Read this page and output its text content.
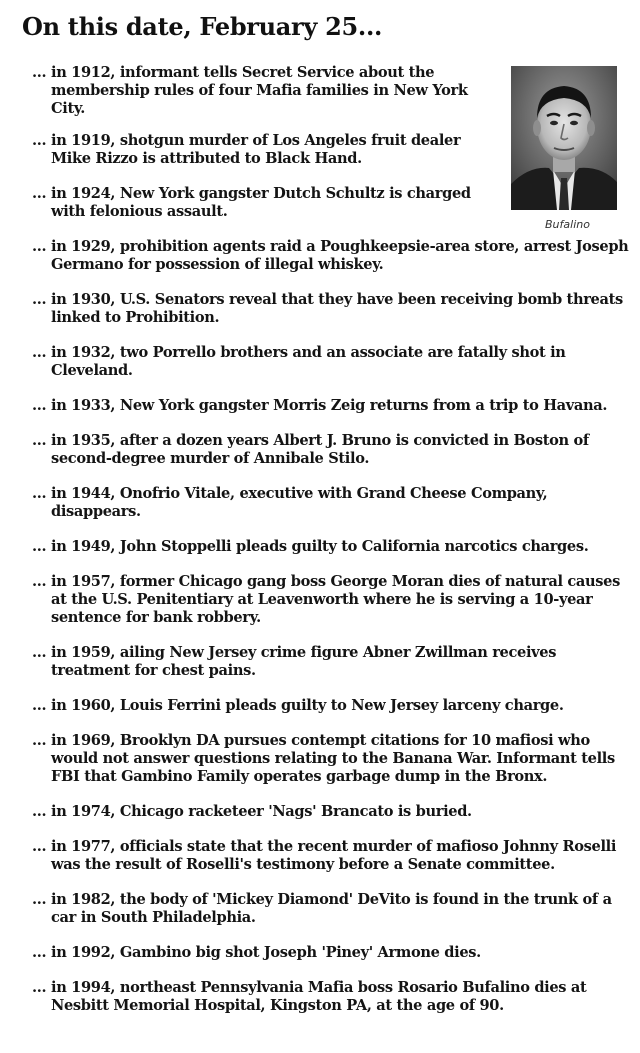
On this date, February 25...
Bufalino

... in 1912, informant tells Secret Service about the membership rules of four Mafia families in New York City.

... in 1919, shotgun murder of Los Angeles fruit dealer Mike Rizzo is attributed to Black Hand.

... in 1924, New York gangster Dutch Schultz is charged with felonious assault.

... in 1929, prohibition agents raid a Poughkeepsie-area store, arrest Joseph Germano for possession of illegal whiskey.

... in 1930, U.S. Senators reveal that they have been receiving bomb threats linked to Prohibition.

... in 1932, two Porrello brothers and an associate are fatally shot in Cleveland.

... in 1933, New York gangster Morris Zeig returns from a trip to Havana.

... in 1935, after a dozen years Albert J. Bruno is convicted in Boston of second-degree murder of Annibale Stilo.

... in 1944, Onofrio Vitale, executive with Grand Cheese Company, disappears.

... in 1949, John Stoppelli pleads guilty to California narcotics charges.

... in 1957, former Chicago gang boss George Moran dies of natural causes at the U.S. Penitentiary at Leavenworth where he is serving a 10-year sentence for bank robbery.

... in 1959, ailing New Jersey crime figure Abner Zwillman receives treatment for chest pains.

... in 1960, Louis Ferrini pleads guilty to New Jersey larceny charge.

... in 1969, Brooklyn DA pursues contempt citations for 10 mafiosi who would not answer questions relating to the Banana War. Informant tells FBI that Gambino Family operates garbage dump in the Bronx.

... in 1974, Chicago racketeer 'Nags' Brancato is buried.

... in 1977, officials state that the recent murder of mafioso Johnny Roselli was the result of Roselli's testimony before a Senate committee.

... in 1982, the body of 'Mickey Diamond' DeVito is found in the trunk of a car in South Philadelphia.

... in 1992, Gambino big shot Joseph 'Piney' Armone dies.

... in 1994, northeast Pennsylvania Mafia boss Rosario Bufalino dies at Nesbitt Memorial Hospital, Kingston PA, at the age of 90.
